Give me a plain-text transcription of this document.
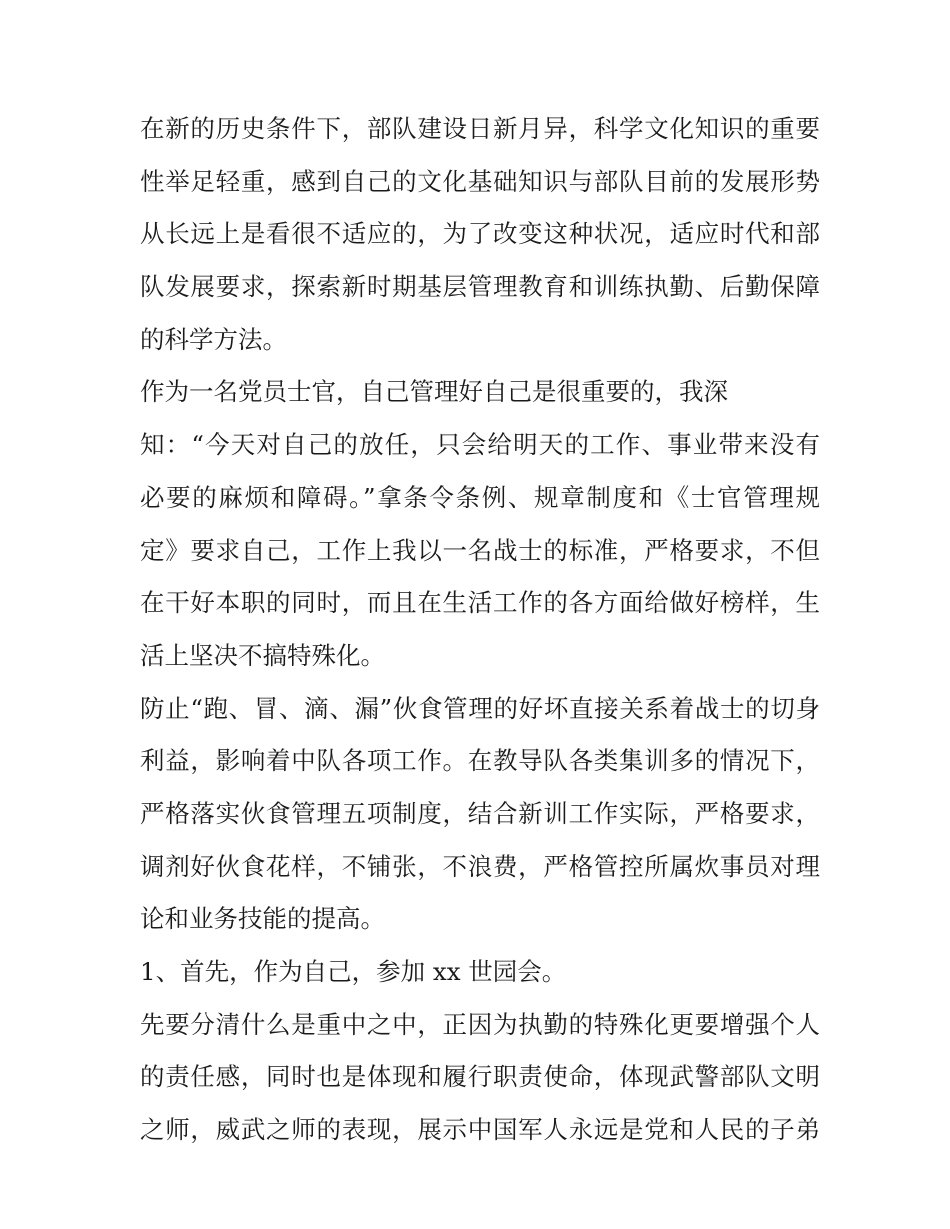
在新的历史条件下，部队建设日新月异，科学文化知识的重要
性举足轻重，感到自己的文化基础知识与部队目前的发展形势
从长远上是看很不适应的，为了改变这种状况，适应时代和部
队发展要求，探索新时期基层管理教育和训练执勤、后勤保障
的科学方法。
作为一名党员士官，自己管理好自己是很重要的，我深
知：“今天对自己的放任，只会给明天的工作、事业带来没有
必要的麻烦和障碍。”拿条令条例、规章制度和《士官管理规
定》要求自己，工作上我以一名战士的标准，严格要求，不但
在干好本职的同时，而且在生活工作的各方面给做好榜样，生
活上坚决不搞特殊化。
防止“跑、冒、滴、漏”伙食管理的好坏直接关系着战士的切身
利益，影响着中队各项工作。在教导队各类集训多的情况下，
严格落实伙食管理五项制度，结合新训工作实际，严格要求，
调剂好伙食花样，不铺张，不浪费，严格管控所属炊事员对理
论和业务技能的提高。
1、首先，作为自己，参加 xx 世园会。
先要分清什么是重中之中，正因为执勤的特殊化更要增强个人
的责任感，同时也是体现和履行职责使命，体现武警部队文明
之师，威武之师的表现，展示中国军人永远是党和人民的子弟
